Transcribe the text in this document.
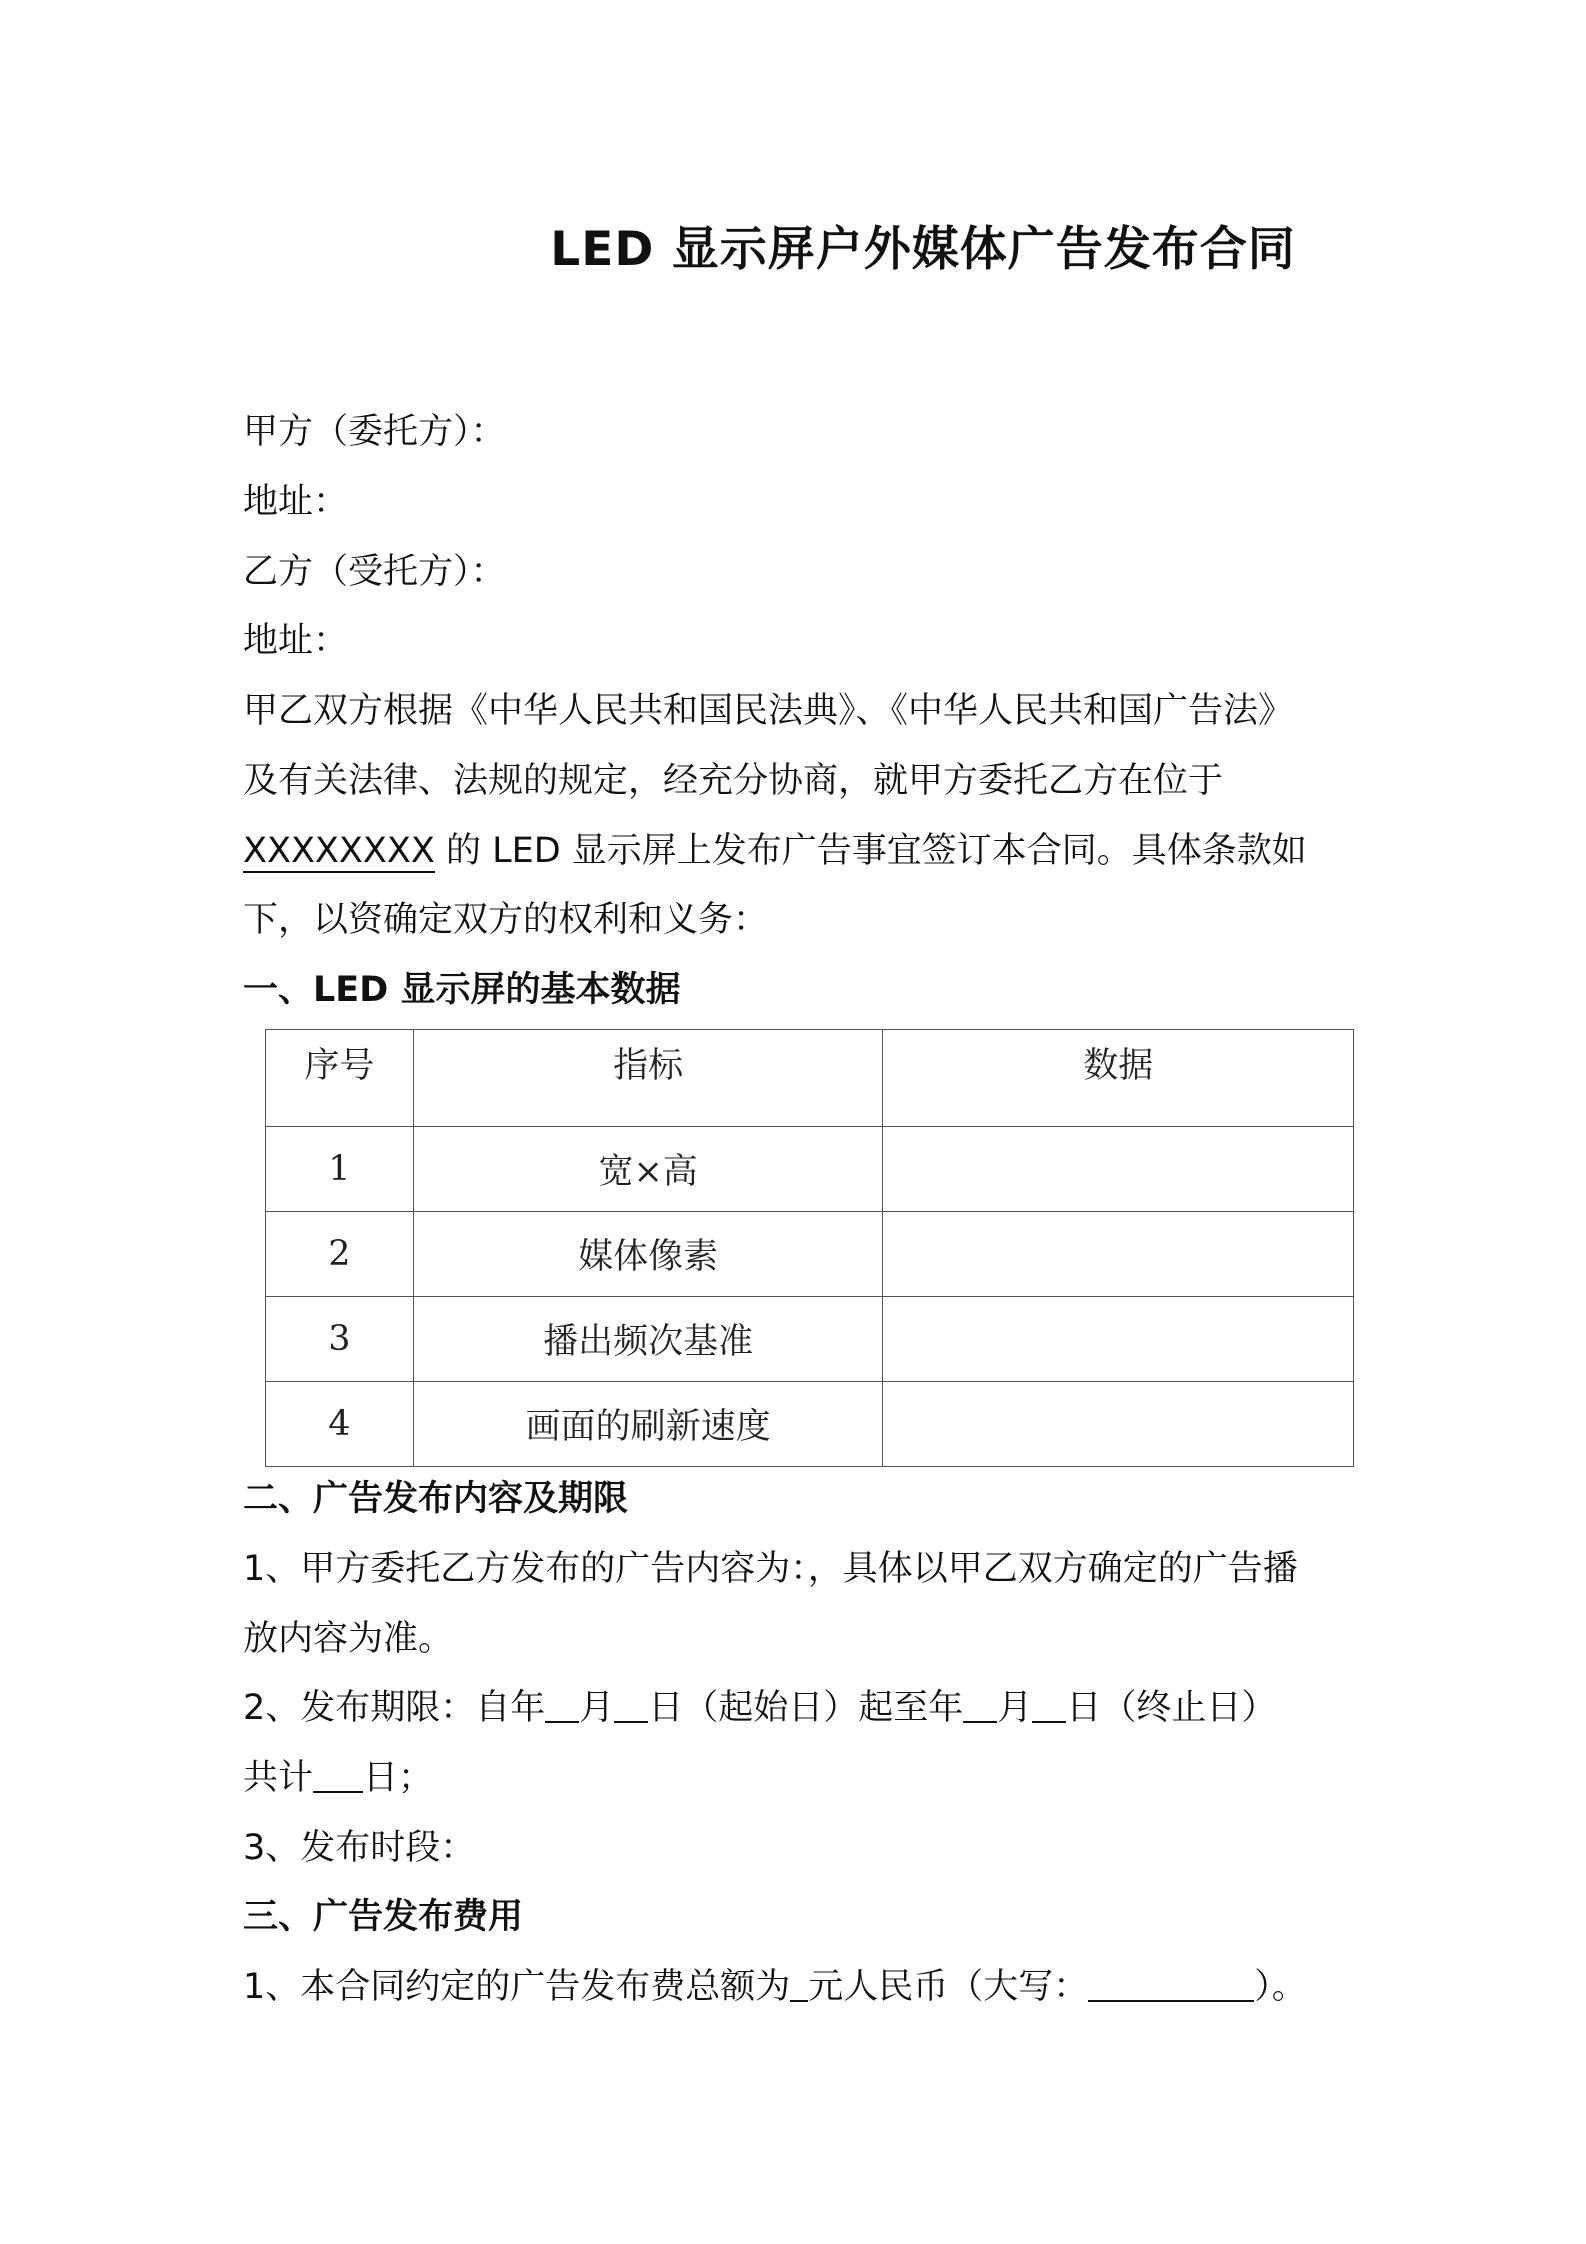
LED 显示屏户外媒体广告发布合同
甲方（委托方）：
地址：
乙方（受托方）：
地址：
甲乙双方根据《中华人民共和国民法典》、《中华人民共和国广告法》
及有关法律、法规的规定，经充分协商，就甲方委托乙方在位于
XXXXXXXX 的 LED 显示屏上发布广告事宜签订本合同。具体条款如
下，以资确定双方的权利和义务：
一、LED 显示屏的基本数据
序号	指标	数据
1	宽×高	
2	媒体像素	
3	播出频次基准	
4	画面的刷新速度	
二、广告发布内容及期限
1、甲方委托乙方发布的广告内容为：，具体以甲乙双方确定的广告播
放内容为准。
2、发布期限：自年 月 日（起始日）起至年 月 日（终止日）
共计 日；
3、发布时段：
三、广告发布费用
1、本合同约定的广告发布费总额为 元人民币（大写：	）。
